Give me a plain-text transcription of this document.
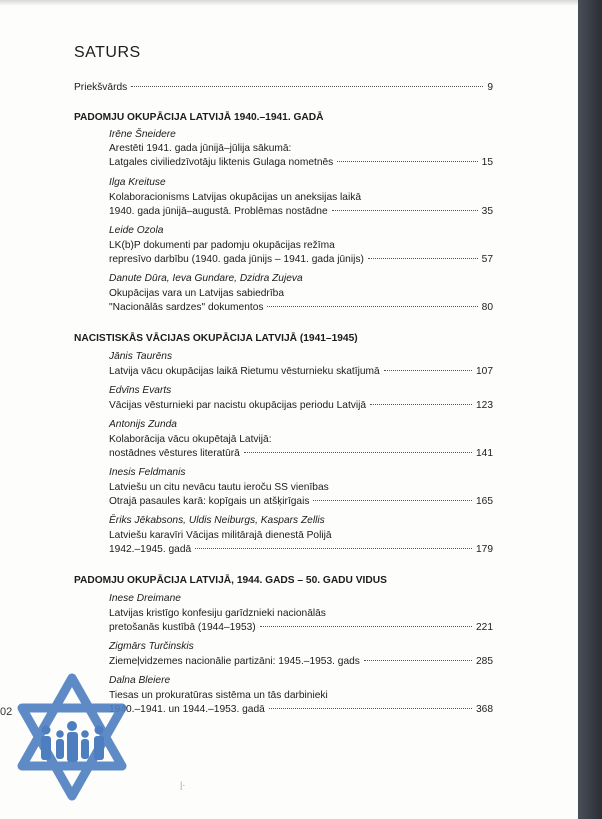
02
SATURS
Priekšvārds	9
PADOMJU OKUPĀCIJA LATVIJĀ 1940.–1941. GADĀ
Irēne Šneidere
Arestēti 1941. gada jūnijā–jūlija sākumā:
Latgales civiliedzīvotāju liktenis Gulaga nometnēs	15
Ilga Kreituse
Kolaboracionisms Latvijas okupācijas un aneksijas laikā
1940. gada jūnijā–augustā. Problēmas nostādne	35
Leide Ozola
LK(b)P dokumenti par padomju okupācijas režīma
represīvo darbību (1940. gada jūnijs – 1941. gada jūnijs)	57
Danute Dūra, Ieva Gundare, Dzidra Zujeva
Okupācijas vara un Latvijas sabiedrība
"Nacionālās sardzes" dokumentos	80
NACISTISKĀS VĀCIJAS OKUPĀCIJA LATVIJĀ (1941–1945)
Jānis Taurēns
Latvija vācu okupācijas laikā Rietumu vēsturnieku skatījumā	107
Edvīns Evarts
Vācijas vēsturnieki par nacistu okupācijas periodu Latvijā	123
Antonijs Zunda
Kolaborācija vācu okupētajā Latvijā:
nostādnes vēstures literatūrā	141
Inesis Feldmanis
Latviešu un citu nevācu tautu ieroču SS vienības
Otrajā pasaules karā: kopīgais un atšķirīgais	165
Ēriks Jēkabsons, Uldis Neiburgs, Kaspars Zellis
Latviešu karavīri Vācijas militārajā dienestā Polijā
1942.–1945. gadā	179
PADOMJU OKUPĀCIJA LATVIJĀ, 1944. GADS – 50. GADU VIDUS
Inese Dreimane
Latvijas kristīgo konfesiju garīdznieki nacionālās
pretošanās kustībā (1944–1953)	221
Zigmārs Turčinskis
Ziemeļvidzemes nacionālie partizāni: 1945.–1953. gads	285
Dalna Bleiere
Tiesas un prokuratūras sistēma un tās darbinieki
1940.–1941. un 1944.–1953. gadā	368
|·
